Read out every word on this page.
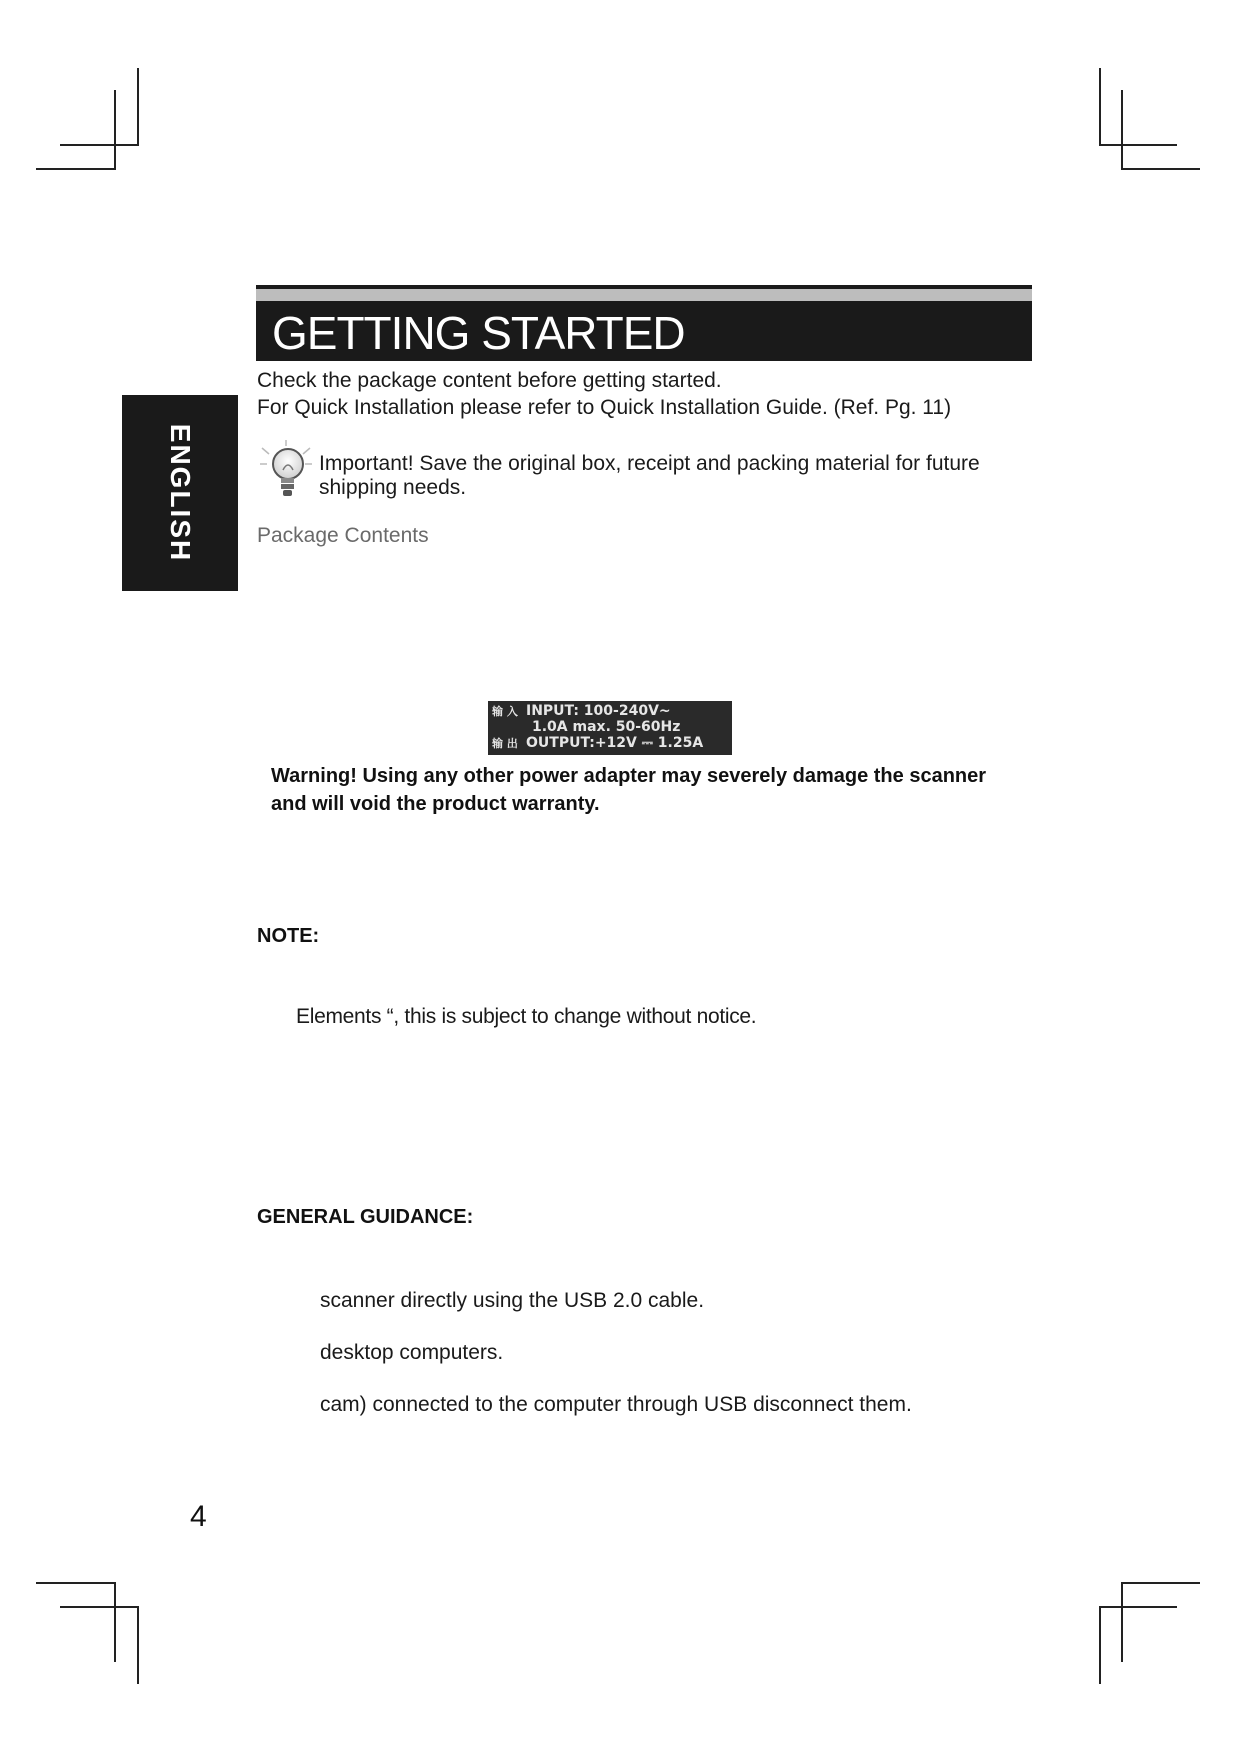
GETTING STARTED
ENGLISH
Check the package content before getting started.
For Quick Installation please refer to Quick Installation Guide. (Ref. Pg. 11)
Important! Save the original box, receipt and packing material for future
shipping needs.
Package Contents
输 入 INPUT: 100-240V~
1.0A max. 50-60Hz
输 出 OUTPUT:+12V ⎓ 1.25A
Warning! Using any other power adapter may severely damage the scanner
and will void the product warranty.
NOTE:
Elements “, this is subject to change without notice.
GENERAL GUIDANCE:
scanner directly using the USB 2.0 cable.
desktop computers.
cam) connected to the computer through USB disconnect them.
4
